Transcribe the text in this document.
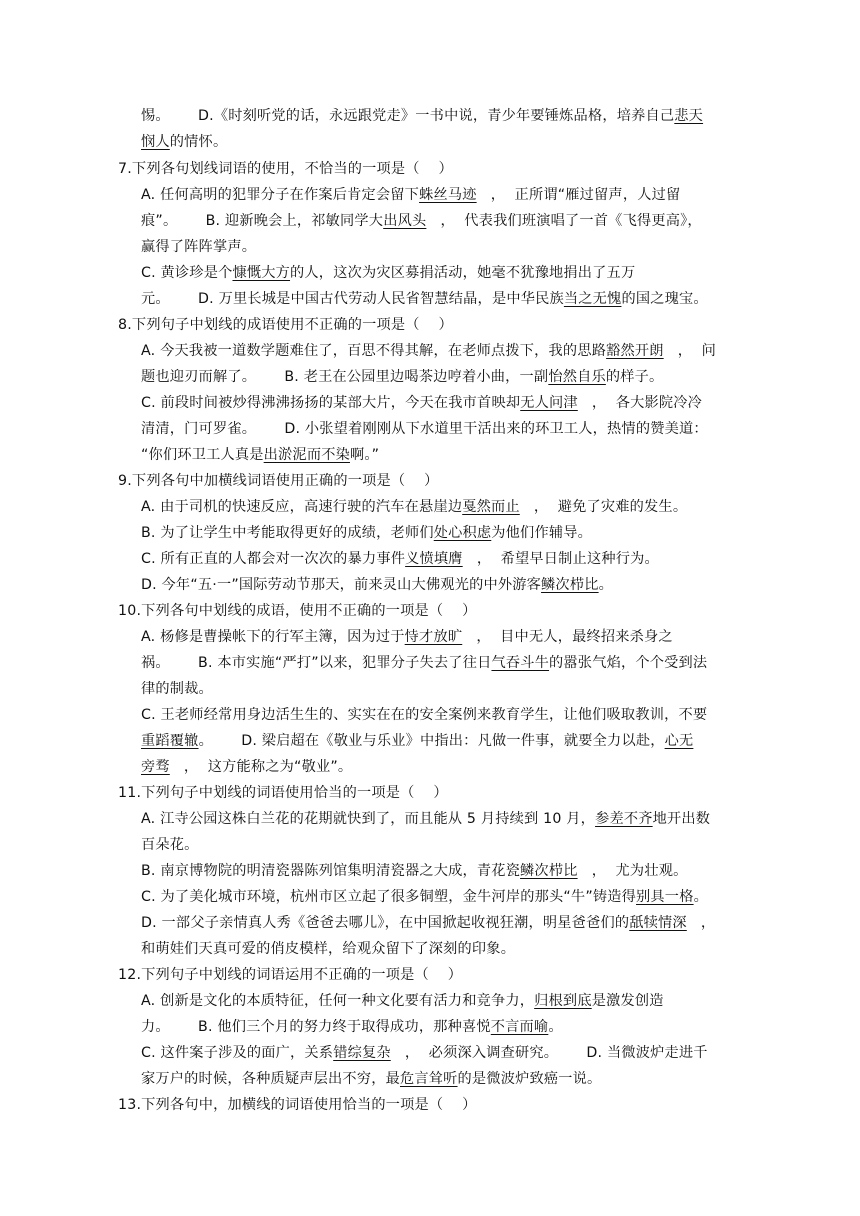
惕。      D.《时刻听党的话，永远跟党走》一书中说，青少年要锤炼品格，培养自己悲天
悯人的情怀。
7.下列各句划线词语的使用，不恰当的一项是（    ）
A. 任何高明的犯罪分子在作案后肯定会留下蛛丝马迹   ，  正所谓“雁过留声，人过留
痕”。      B. 迎新晚会上，祁敏同学大出风头   ，  代表我们班演唱了一首《飞得更高》，
赢得了阵阵掌声。
C. 黄诊珍是个慷慨大方的人，这次为灾区募捐活动，她毫不犹豫地捐出了五万
元。      D. 万里长城是中国古代劳动人民省智慧结晶，是中华民族当之无愧的国之瑰宝。
8.下列句子中划线的成语使用不正确的一项是（    ）
A. 今天我被一道数学题难住了，百思不得其解，在老师点拨下，我的思路豁然开朗   ，  问
题也迎刃而解了。      B. 老王在公园里边喝茶边哼着小曲，一副怡然自乐的样子。
C. 前段时间被炒得沸沸扬扬的某部大片，今天在我市首映却无人问津   ，  各大影院冷冷
清清，门可罗雀。      D. 小张望着刚刚从下水道里干活出来的环卫工人，热情的赞美道：
“你们环卫工人真是出淤泥而不染啊。”
9.下列各句中加横线词语使用正确的一项是（    ）
A. 由于司机的快速反应，高速行驶的汽车在悬崖边戛然而止   ，  避免了灾难的发生。
B. 为了让学生中考能取得更好的成绩，老师们处心积虑为他们作辅导。
C. 所有正直的人都会对一次次的暴力事件义愤填膺   ，  希望早日制止这种行为。
D. 今年“五·一”国际劳动节那天，前来灵山大佛观光的中外游客鳞次栉比。
10.下列各句中划线的成语，使用不正确的一项是（    ）
A. 杨修是曹操帐下的行军主簿，因为过于恃才放旷   ，  目中无人，最终招来杀身之
祸。      B. 本市实施“严打”以来，犯罪分子失去了往日气吞斗牛的嚣张气焰，个个受到法
律的制裁。
C. 王老师经常用身边活生生的、实实在在的安全案例来教育学生，让他们吸取教训，不要
重蹈覆辙。      D. 梁启超在《敬业与乐业》中指出：凡做一件事，就要全力以赴，心无
旁骛   ，  这方能称之为“敬业”。
11.下列句子中划线的词语使用恰当的一项是（    ）
A. 江寺公园这株白兰花的花期就快到了，而且能从 5 月持续到 10 月，参差不齐地开出数
百朵花。
B. 南京博物院的明清瓷器陈列馆集明清瓷器之大成，青花瓷鳞次栉比   ，  尤为壮观。
C. 为了美化城市环境，杭州市区立起了很多铜塑，金牛河岸的那头“牛”铸造得别具一格。
D. 一部父子亲情真人秀《爸爸去哪儿》，在中国掀起收视狂潮，明星爸爸们的舐犊情深   ，
和萌娃们天真可爱的俏皮模样，给观众留下了深刻的印象。
12.下列句子中划线的词语运用不正确的一项是（    ）
A. 创新是文化的本质特征，任何一种文化要有活力和竞争力，归根到底是激发创造
力。      B. 他们三个月的努力终于取得成功，那种喜悦不言而喻。
C. 这件案子涉及的面广，关系错综复杂   ，  必须深入调查研究。      D. 当微波炉走进千
家万户的时候，各种质疑声层出不穷，最危言耸听的是微波炉致癌一说。
13.下列各句中，加横线的词语使用恰当的一项是（    ）
